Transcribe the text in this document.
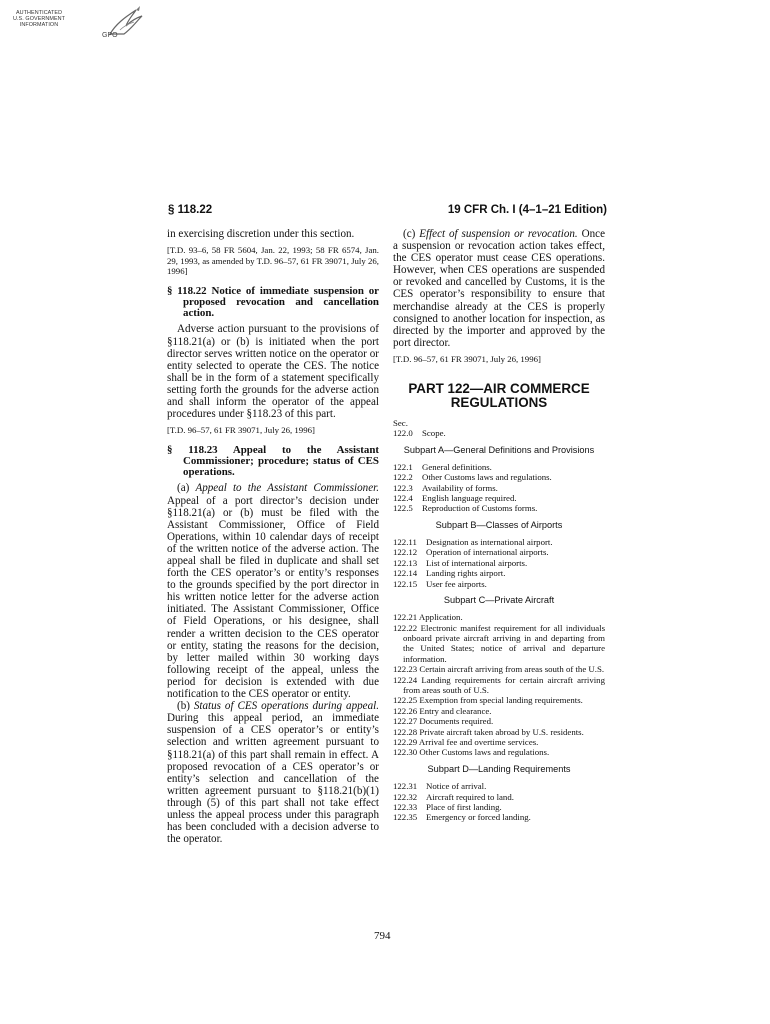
AUTHENTICATED
U.S. GOVERNMENT
INFORMATION
GPO
§ 118.22	19 CFR Ch. I (4–1–21 Edition)

in exercising discretion under this section.

[T.D. 93–6, 58 FR 5604, Jan. 22, 1993; 58 FR 6574, Jan. 29, 1993, as amended by T.D. 96–57, 61 FR 39071, July 26, 1996]

§ 118.22 Notice of immediate suspension or proposed revocation and cancellation action.

Adverse action pursuant to the provisions of §118.21(a) or (b) is initiated when the port director serves written notice on the operator or entity selected to operate the CES. The notice shall be in the form of a statement specifically setting forth the grounds for the adverse action and shall inform the operator of the appeal procedures under §118.23 of this part.

[T.D. 96–57, 61 FR 39071, July 26, 1996]

§ 118.23 Appeal to the Assistant Commissioner; procedure; status of CES operations.

(a) Appeal to the Assistant Commissioner. Appeal of a port director’s decision under §118.21(a) or (b) must be filed with the Assistant Commissioner, Office of Field Operations, within 10 calendar days of receipt of the written notice of the adverse action. The appeal shall be filed in duplicate and shall set forth the CES operator’s or entity’s responses to the grounds specified by the port director in his written notice letter for the adverse action initiated. The Assistant Commissioner, Office of Field Operations, or his designee, shall render a written decision to the CES operator or entity, stating the reasons for the decision, by letter mailed within 30 working days following receipt of the appeal, unless the period for decision is extended with due notification to the CES operator or entity.

(b) Status of CES operations during appeal. During this appeal period, an immediate suspension of a CES operator’s or entity’s selection and written agreement pursuant to §118.21(a) of this part shall remain in effect. A proposed revocation of a CES operator’s or entity’s selection and cancellation of the written agreement pursuant to §118.21(b)(1) through (5) of this part shall not take effect unless the appeal process under this paragraph has been concluded with a decision adverse to the operator.

(c) Effect of suspension or revocation. Once a suspension or revocation action takes effect, the CES operator must cease CES operations. However, when CES operations are suspended or revoked and cancelled by Customs, it is the CES operator’s responsibility to ensure that merchandise already at the CES is properly consigned to another location for inspection, as directed by the importer and approved by the port director.

[T.D. 96–57, 61 FR 39071, July 26, 1996]

PART 122—AIR COMMERCE
REGULATIONS
Sec.
122.0	Scope.
Subpart A—General Definitions and Provisions
122.1	General definitions.
122.2	Other Customs laws and regulations.
122.3	Availability of forms.
122.4	English language required.
122.5	Reproduction of Customs forms.
Subpart B—Classes of Airports
122.11	Designation as international airport.
122.12 Operation of international airports.
122.13 List of international airports.
122.14 Landing rights airport.
122.15 User fee airports.
Subpart C—Private Aircraft
122.21 Application.
122.22 Electronic manifest requirement for all individuals onboard private aircraft arriving in and departing from the United States; notice of arrival and departure information.
122.23 Certain aircraft arriving from areas south of the U.S.
122.24 Landing requirements for certain aircraft arriving from areas south of U.S.
122.25 Exemption from special landing requirements.
122.26 Entry and clearance.
122.27 Documents required.
122.28 Private aircraft taken abroad by U.S. residents.
122.29 Arrival fee and overtime services.
122.30 Other Customs laws and regulations.
Subpart D—Landing Requirements
122.31 Notice of arrival.
122.32 Aircraft required to land.
122.33 Place of first landing.
122.35 Emergency or forced landing.
794
